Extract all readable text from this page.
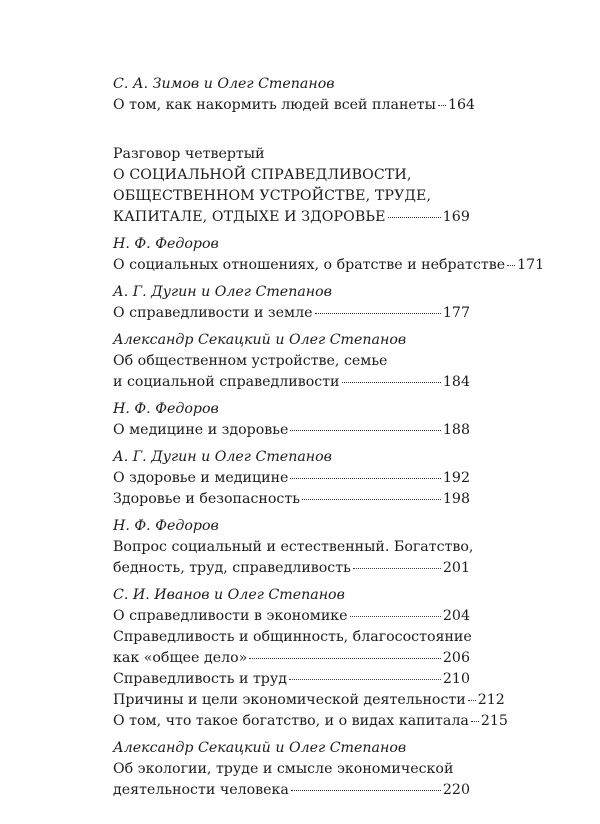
С. А. Зимов и Олег Степанов
О том, как накормить людей всей планеты 164
Разговор четвертый
О СОЦИАЛЬНОЙ СПРАВЕДЛИВОСТИ,
ОБЩЕСТВЕННОМ УСТРОЙСТВЕ, ТРУДЕ,
КАПИТАЛЕ, ОТДЫХЕ И ЗДОРОВЬЕ	169
Н. Ф. Федоров
О социальных отношениях, о братстве и небратстве 171
А. Г. Дугин и Олег Степанов
О справедливости и земле	177
Александр Секацкий и Олег Степанов
Об общественном устройстве, семье
и социальной справедливости	184
Н. Ф. Федоров
О медицине и здоровье	188
А. Г. Дугин и Олег Степанов
О здоровье и медицине	192
Здоровье и безопасность	198
Н. Ф. Федоров
Вопрос социальный и естественный. Богатство,
бедность, труд, справедливость	201
С. И. Иванов и Олег Степанов
О справедливости в экономике	204
Справедливость и общинность, благосостояние
как «общее дело»	206
Справедливость и труд	210
Причины и цели экономической деятельности 212
О том, что такое богатство, и о видах капитала 215
Александр Секацкий и Олег Степанов
Об экологии, труде и смысле экономической
деятельности человека	220
